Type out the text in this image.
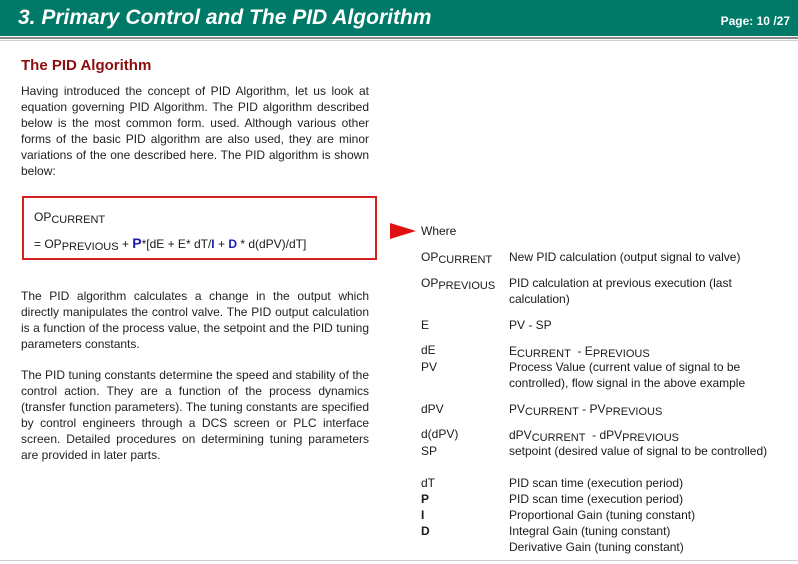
3. Primary Control and The PID Algorithm	Page: 10 /27
The PID Algorithm
Having introduced the concept of PID Algorithm, let us look at equation governing PID Algorithm. The PID algorithm described below is the most common form. used. Although various other forms of the basic PID algorithm are also used, they are minor variations of the one described here. The PID algorithm is shown below:
OPCURRENT
= OPPREVIOUS + P*[dE + E* dT/I + D * d(dPV)/dT]
The PID algorithm calculates a change in the output which directly manipulates the control valve. The PID output calculation is a function of the process value, the setpoint and the PID tuning parameters constants.
The PID tuning constants determine the speed and stability of the control action. They are a function of the process dynamics (transfer function parameters). The tuning constants are specified by control engineers through a DCS screen or PLC interface screen. Detailed procedures on determining tuning parameters are provided in later parts.
Where
OPCURRENT New PID calculation (output signal to valve)
OPPREVIOUS PID calculation at previous execution (last calculation)
E	PV - SP
dE	ECURRENT  - EPREVIOUS
PV	Process Value (current value of signal to be controlled), flow signal in the above example
dPV	PVCURRENT - PVPREVIOUS
d(dPV)	dPVCURRENT  - dPVPREVIOUS
SP	setpoint (desired value of signal to be controlled)
dT	PID scan time (execution period)
P	PID scan time (execution period)
I	Proportional Gain (tuning constant)
D	Integral Gain (tuning constant)
Derivative Gain (tuning constant)
